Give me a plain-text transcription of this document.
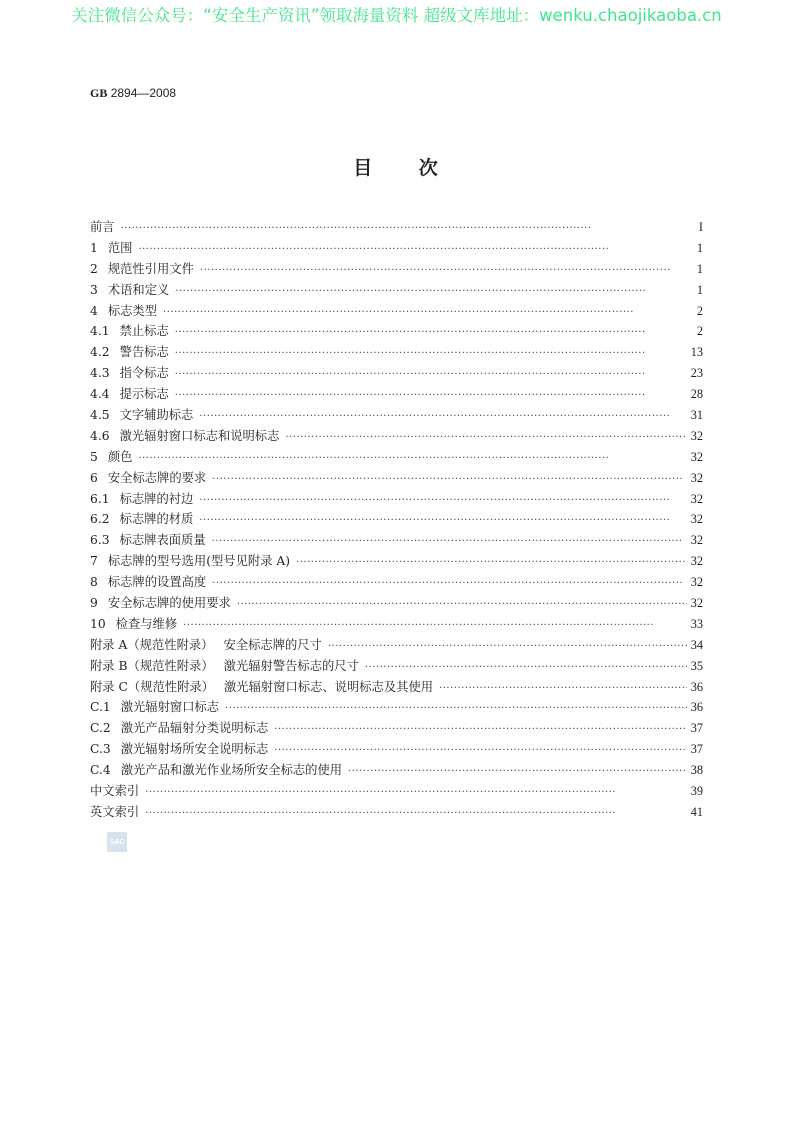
关注微信公众号：“安全生产资讯”领取海量资料 超级文库地址：wenku.chaojikaoba.cn
GB 2894—2008
目 次
前言 ·····	I
1 范围 ·····	1
2 规范性引用文件 ·····	1
3 术语和定义 ·····	1
4 标志类型 ·····	2
4.1 禁止标志 ·····	2
4.2 警告标志 ·····	13
4.3 指令标志 ·····	23
4.4 提示标志 ·····	28
4.5 文字辅助标志 ·····	31
4.6 激光辐射窗口标志和说明标志 ·····	32
5 颜色 ·····	32
6 安全标志牌的要求 ·····	32
6.1 标志牌的衬边 ·····	32
6.2 标志牌的材质 ·····	32
6.3 标志牌表面质量 ·····	32
7 标志牌的型号选用(型号见附录 A) ·····	32
8 标志牌的设置高度 ·····	32
9 安全标志牌的使用要求 ·····	32
10 检查与维修 ·····	33
附录 A（规范性附录） 安全标志牌的尺寸 ·····	34
附录 B（规范性附录） 激光辐射警告标志的尺寸 ·····	35
附录 C（规范性附录） 激光辐射窗口标志、说明标志及其使用 ·····	36
C.1 激光辐射窗口标志 ·····	36
C.2 激光产品辐射分类说明标志 ·····	37
C.3 激光辐射场所安全说明标志 ·····	37
C.4 激光产品和激光作业场所安全标志的使用 ·····	38
中文索引 ·····	39
英文索引 ·····	41
SAC
